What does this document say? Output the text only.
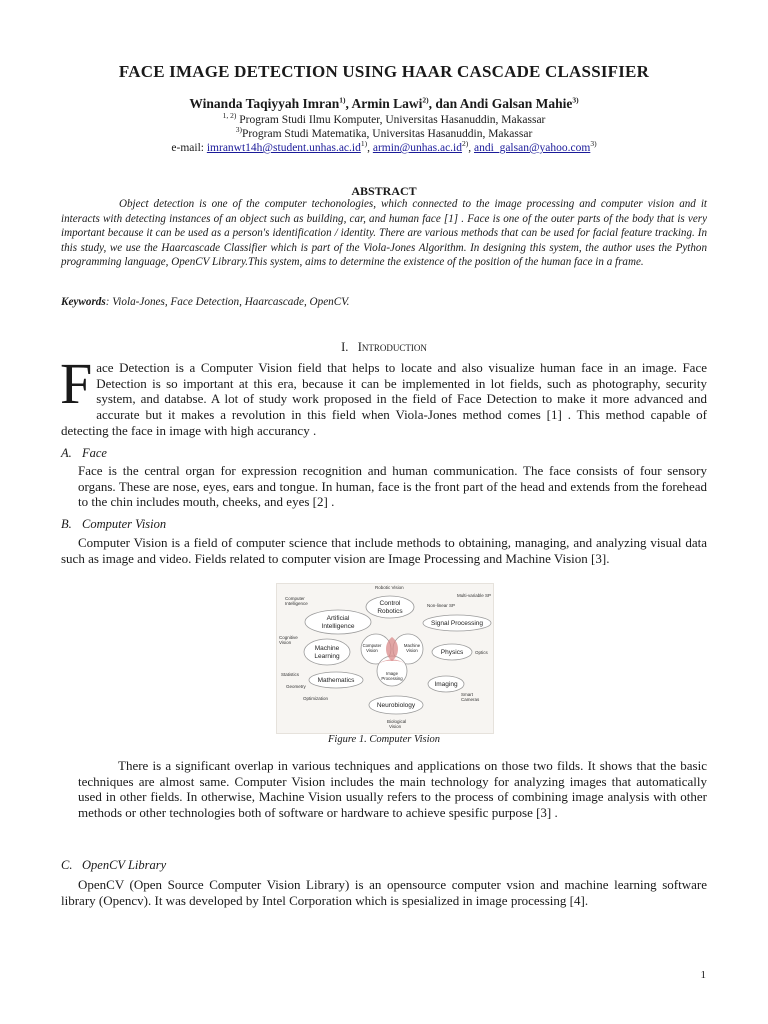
FACE IMAGE DETECTION USING HAAR CASCADE CLASSIFIER
Winanda Taqiyyah Imran$^{1)}$, Armin Lawi$^{2)}$, dan Andi Galsan Mahie$^{3)}$
$^{1, 2)}$ Program Studi Ilmu Komputer, Universitas Hasanuddin, Makassar
$^{3)}$Program Studi Matematika, Universitas Hasanuddin, Makassar
e-mail: $imranwt14h@student.unhas.ac.id^{1)}$, $armin@unhas.ac.id^{2)}$, andi_galsan@yahoo.com$^{3)}$
ABSTRACT

Object detection is one of the computer techonologies, which connected to the image processing and computer vision and it interacts with detecting instances of an object such as building, car, and human face [1] . Face is one of the outer parts of the body that is very important because it can be used as a person's identification / identity. There are various methods that can be used for facial feature tracking. In this study, we use the Haarcascade Classifier which is part of the Viola-Jones Algorithm. In designing this system, the author uses the Python programming language, OpenCV Library.This system, aims to determine the existence of the position of the human face in a frame.

Keywords: Viola-Jones, Face Detection, Haarcascade, OpenCV.

I. Introduction
Face Detection is a Computer Vision field that helps to locate and also visualize human face in an image. Face Detection is so important at this era, because it can be implemented in lot fields, such as photography, security system, and databse. A lot of study work proposed in the field of Face Detection to make it more advanced and accurate but it makes a revolution in this field when Viola-Jones method comes [1] . This method capable of detecting the face in image with high accurancy .
A. Face

Face is the central organ for expression recognition and human communication. The face consists of four sensory organs. These are nose, eyes, ears and tongue. In human, face is the front part of the head and extends from the forehead to the chin includes mouth, cheeks, and eyes [2] .

B. Computer Vision

Computer Vision is a field of computer science that include methods to obtaining, managing, and analyzing visual data such as image and video. Fields related to computer vision are Image Processing and Machine Vision [3].

Robotic Vision
Multi-variable SP
Computer
Intelligence	Non-linear SP
Cognitive
Vision
Optics
Statistics
Geometry
Optimization
Smart
Cameras
Biological
Vision
Control
Robotics
Artificial
Intelligence	Signal Processing
Machine
Learning
Physics
Mathematics
Imaging
Neurobiology
Computer
Vision
Machine
Vision
Image
Processing
Figure 1. Computer Vision

There is a significant overlap in various techniques and applications on those two filds. It shows that the basic techniques are almost same. Computer Vision includes the main technology for analyzing images that automatically used in other fields. In otherwise, Machine Vision usually refers to the process of combining image analysis with other methods or other technologies both of software or hardware to achieve spesific purpose [3] .

C. OpenCV Library

OpenCV (Open Source Computer Vision Library) is an opensource computer vsion and machine learning software library (Opencv). It was developed by Intel Corporation which is spesialized in image processing [4].

1
